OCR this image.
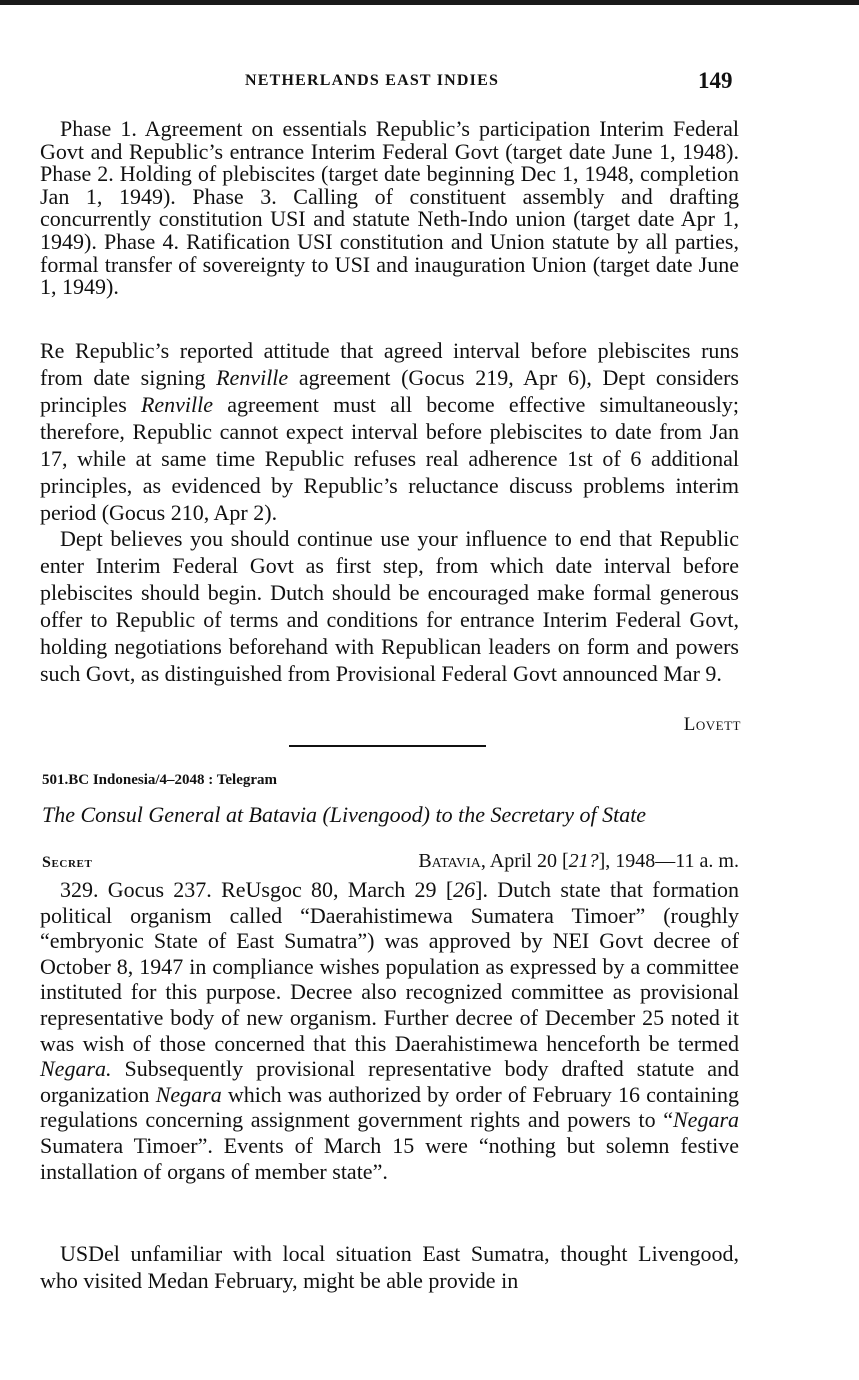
NETHERLANDS EAST INDIES	149

Phase 1. Agreement on essentials Republic’s participation Interim Federal Govt and Republic’s entrance Interim Federal Govt (target date June 1, 1948). Phase 2. Holding of plebiscites (target date beginning Dec 1, 1948, completion Jan 1, 1949). Phase 3. Calling of constituent assembly and drafting concurrently constitution USI and statute Neth-Indo union (target date Apr 1, 1949). Phase 4. Ratification USI constitution and Union statute by all parties, formal transfer of sovereignty to USI and inauguration Union (target date June 1, 1949).

Re Republic’s reported attitude that agreed interval before plebiscites runs from date signing Renville agreement (Gocus 219, Apr 6), Dept considers principles Renville agreement must all become effective simultaneously; therefore, Republic cannot expect interval before plebiscites to date from Jan 17, while at same time Republic refuses real adherence 1st of 6 additional principles, as evidenced by Republic’s reluctance discuss problems interim period (Gocus 210, Apr 2).

Dept believes you should continue use your influence to end that Republic enter Interim Federal Govt as first step, from which date interval before plebiscites should begin. Dutch should be encouraged make formal generous offer to Republic of terms and conditions for entrance Interim Federal Govt, holding negotiations beforehand with Republican leaders on form and powers such Govt, as distinguished from Provisional Federal Govt announced Mar 9.

Lovett
501.BC Indonesia/4–2048 : Telegram
The Consul General at Batavia (Livengood) to the Secretary of State
Secret	Batavia, April 20 [21?], 1948—11 a. m.

329. Gocus 237. ReUsgoc 80, March 29 [26]. Dutch state that formation political organism called “Daerahistimewa Sumatera Timoer” (roughly “embryonic State of East Sumatra”) was approved by NEI Govt decree of October 8, 1947 in compliance wishes population as expressed by a committee instituted for this purpose. Decree also recognized committee as provisional representative body of new organism. Further decree of December 25 noted it was wish of those concerned that this Daerahistimewa henceforth be termed Negara. Subsequently provisional representative body drafted statute and organization Negara which was authorized by order of February 16 containing regulations concerning assignment government rights and powers to “Negara Sumatera Timoer”. Events of March 15 were “nothing but solemn festive installation of organs of member state”.

USDel unfamiliar with local situation East Sumatra, thought Livengood, who visited Medan February, might be able provide in
